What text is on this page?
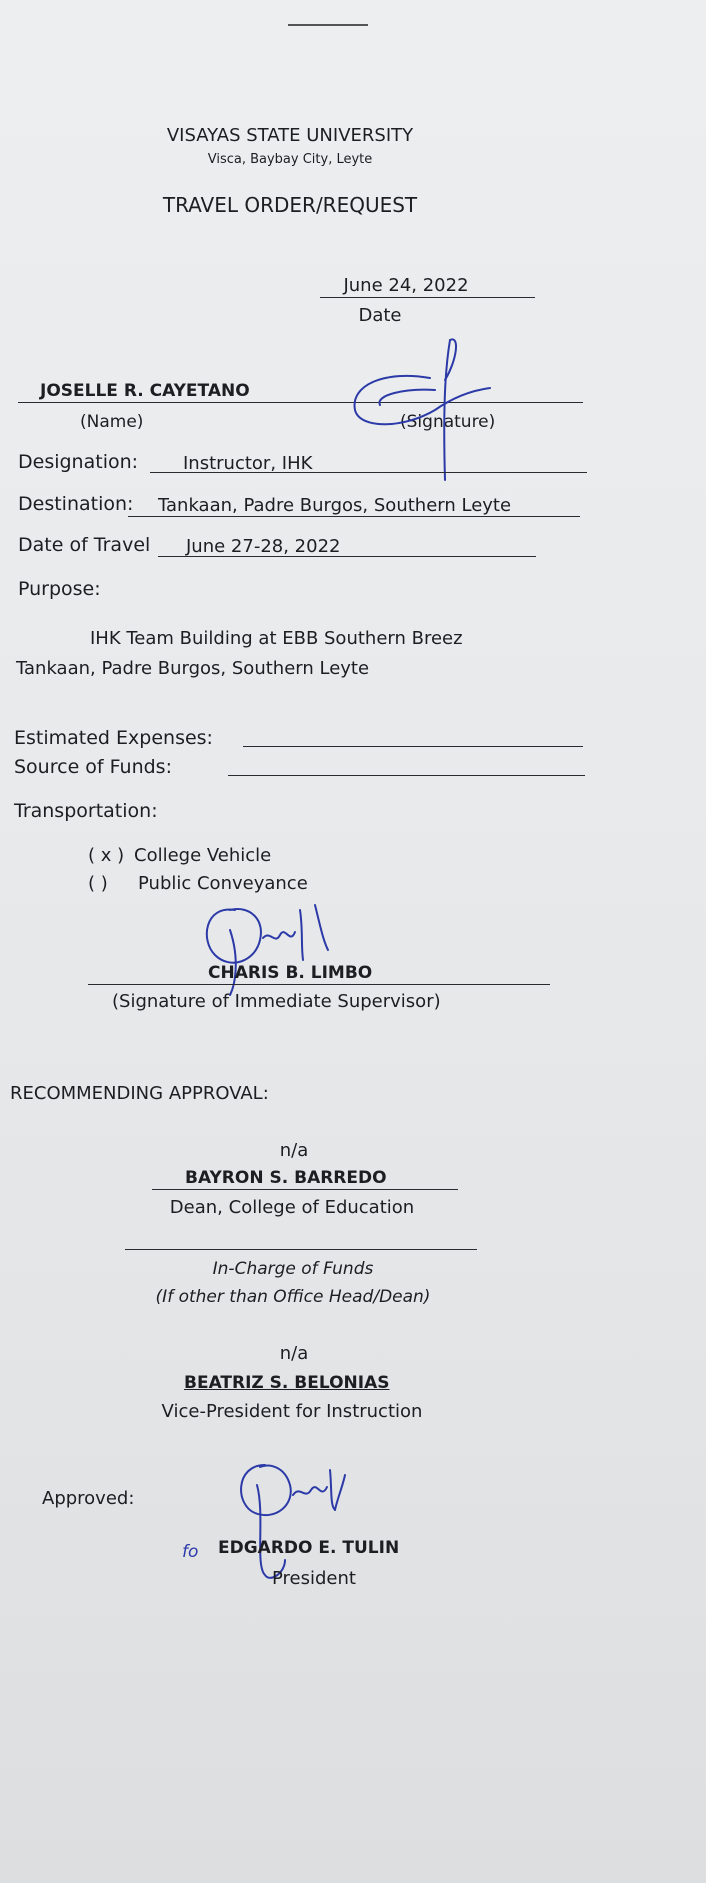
VISAYAS STATE UNIVERSITY
Visca, Baybay City, Leyte
TRAVEL ORDER/REQUEST
June 24, 2022
Date
JOSELLE R. CAYETANO
(Name)	(Signature)
Designation: Instructor, IHK
Destination: Tankaan, Padre Burgos, Southern Leyte
Date of Travel June 27-28, 2022
Purpose:
IHK Team Building at EBB Southern Breez
Tankaan, Padre Burgos, Southern Leyte
Estimated Expenses:
Source of Funds:
Transportation:
( x ) College Vehicle
( ) Public Conveyance
CHARIS B. LIMBO
(Signature of Immediate Supervisor)
RECOMMENDING APPROVAL:
n/a
BAYRON S. BARREDO
Dean, College of Education
In-Charge of Funds
(If other than Office Head/Dean)
n/a
BEATRIZ S. BELONIAS
Vice-President for Instruction
Approved:
fo EDGARDO E. TULIN
President
